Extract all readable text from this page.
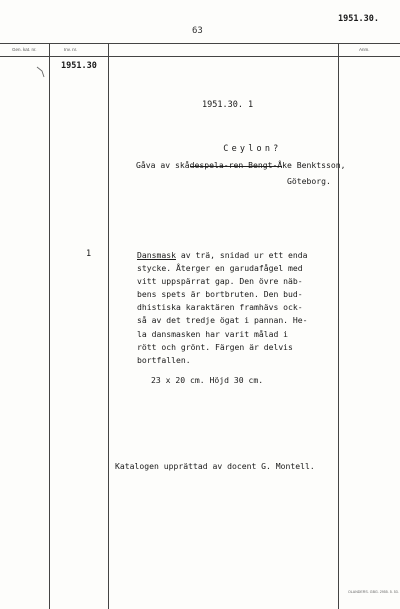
63
1951.30.
Gen. kat. nr.	Inv. nr.	Anm.
1951.30
1951.30. 1

Ceylon?

Gåva av skådespela-ren Bengt-Åke Benktsson,
Göteborg.
1	Dansmask av trä, snidad ur ett enda
stycke. Återger en garudafågel med
vitt uppspärrat gap. Den övre näb-
bens spets är bortbruten. Den bud-
dhistiska karaktären framhävs ock-
så av det tredje ögat i pannan. He-
la dansmasken har varit målad i
rött och grönt. Färgen är delvis
bortfallen.
23 x 20 cm. Höjd 30 cm.
Katalogen upprättad av docent G. Montell.
OLANDERS. GBG. 2955. 5. 53.
